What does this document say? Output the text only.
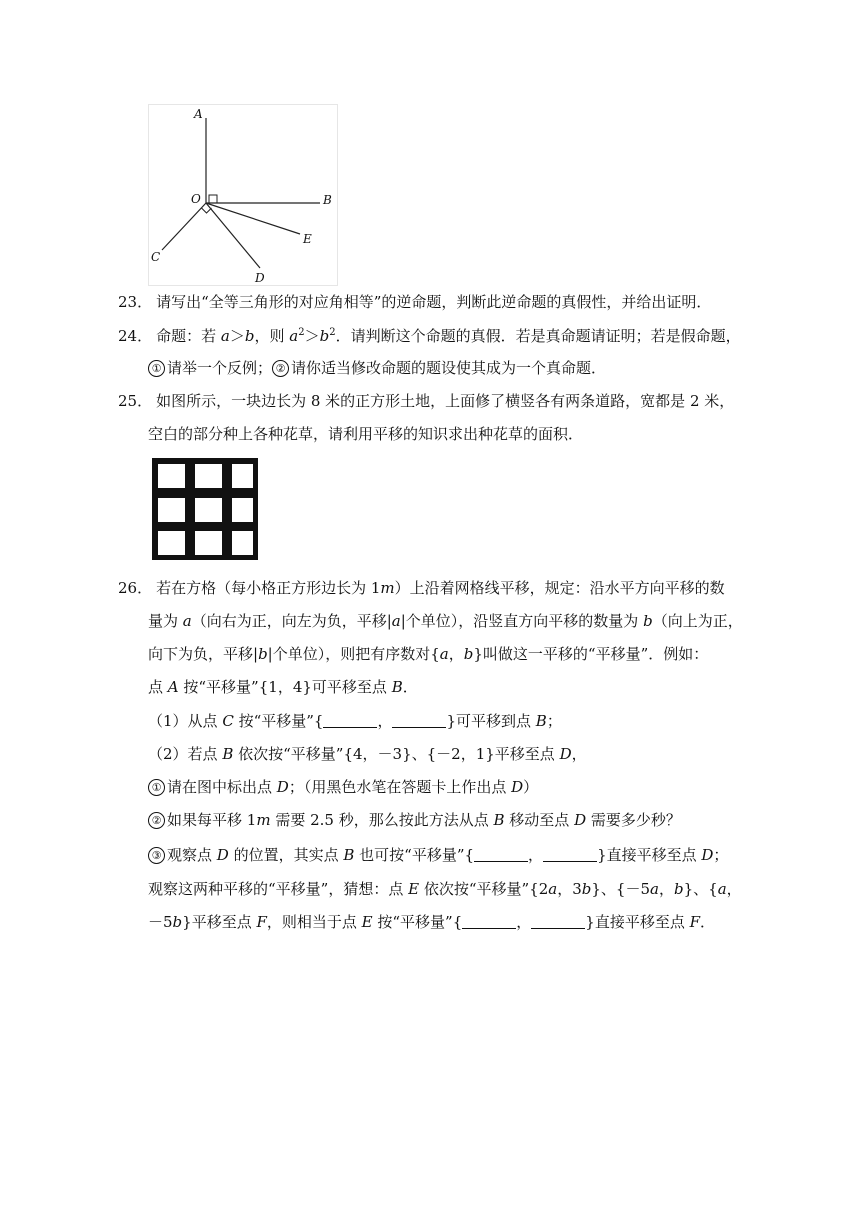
A
O	B
C
D
E
23． 请写出“全等三角形的对应角相等”的逆命题，判断此逆命题的真假性，并给出证明．
24． 命题：若 a＞b，则 $a^2>b^2$．请判断这个命题的真假．若是真命题请证明；若是假命题，
① 请举一个反例； ② 请你适当修改命题的题设使其成为一个真命题．
25． 如图所示，一块边长为 8 米的正方形土地，上面修了横竖各有两条道路，宽都是 2 米，
空白的部分种上各种花草，请利用平移的知识求出种花草的面积．
26． 若在方格（每小格正方形边长为 1m）上沿着网格线平移，规定：沿水平方向平移的数
量为 a（向右为正，向左为负，平移|a|个单位），沿竖直方向平移的数量为 b（向上为正，
向下为负，平移|b|个单位），则把有序数对{a，b}叫做这一平移的“平移量”．例如：
点 A 按“平移量”{1，4}可平移至点 B．
（1）从点 C 按“平移量”{	，	}可平移到点 B；
（2）若点 B 依次按“平移量”{4，－3}、{－2，1}平移至点 D，
① 请在图中标出点 D；（用黑色水笔在答题卡上作出点 D）
② 如果每平移 1m 需要 2.5 秒，那么按此方法从点 B 移动至点 D 需要多少秒？
③ 观察点 D 的位置，其实点 B 也可按“平移量”{	，	}直接平移至点 D；
观察这两种平移的“平移量”，猜想：点 E 依次按“平移量”{2a，3b}、{－5a，b}、{a，
－5b}平移至点 F，则相当于点 E 按“平移量”{	，	}直接平移至点 F．
